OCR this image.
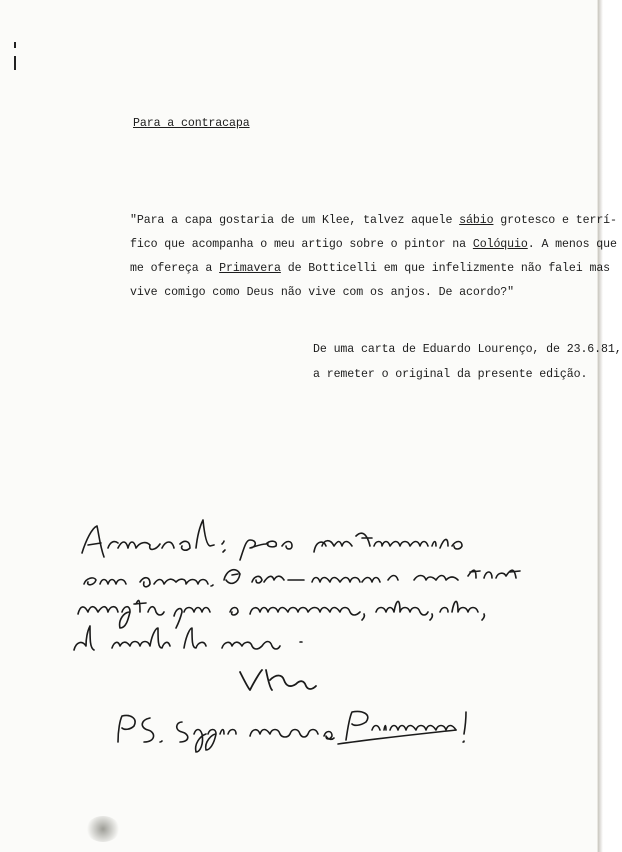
Para a contracapa
"Para a capa gostaria de um Klee, talvez aquele sábio grotesco e terrí-
fico que acompanha o meu artigo sobre o pintor na Colóquio. A menos que
me ofereça a Primavera de Botticelli em que infelizmente não falei mas
vive comigo como Deus não vive com os anjos. De acordo?"
De uma carta de Eduardo Lourenço, de 23.6.81,
a remeter o original da presente edição.
